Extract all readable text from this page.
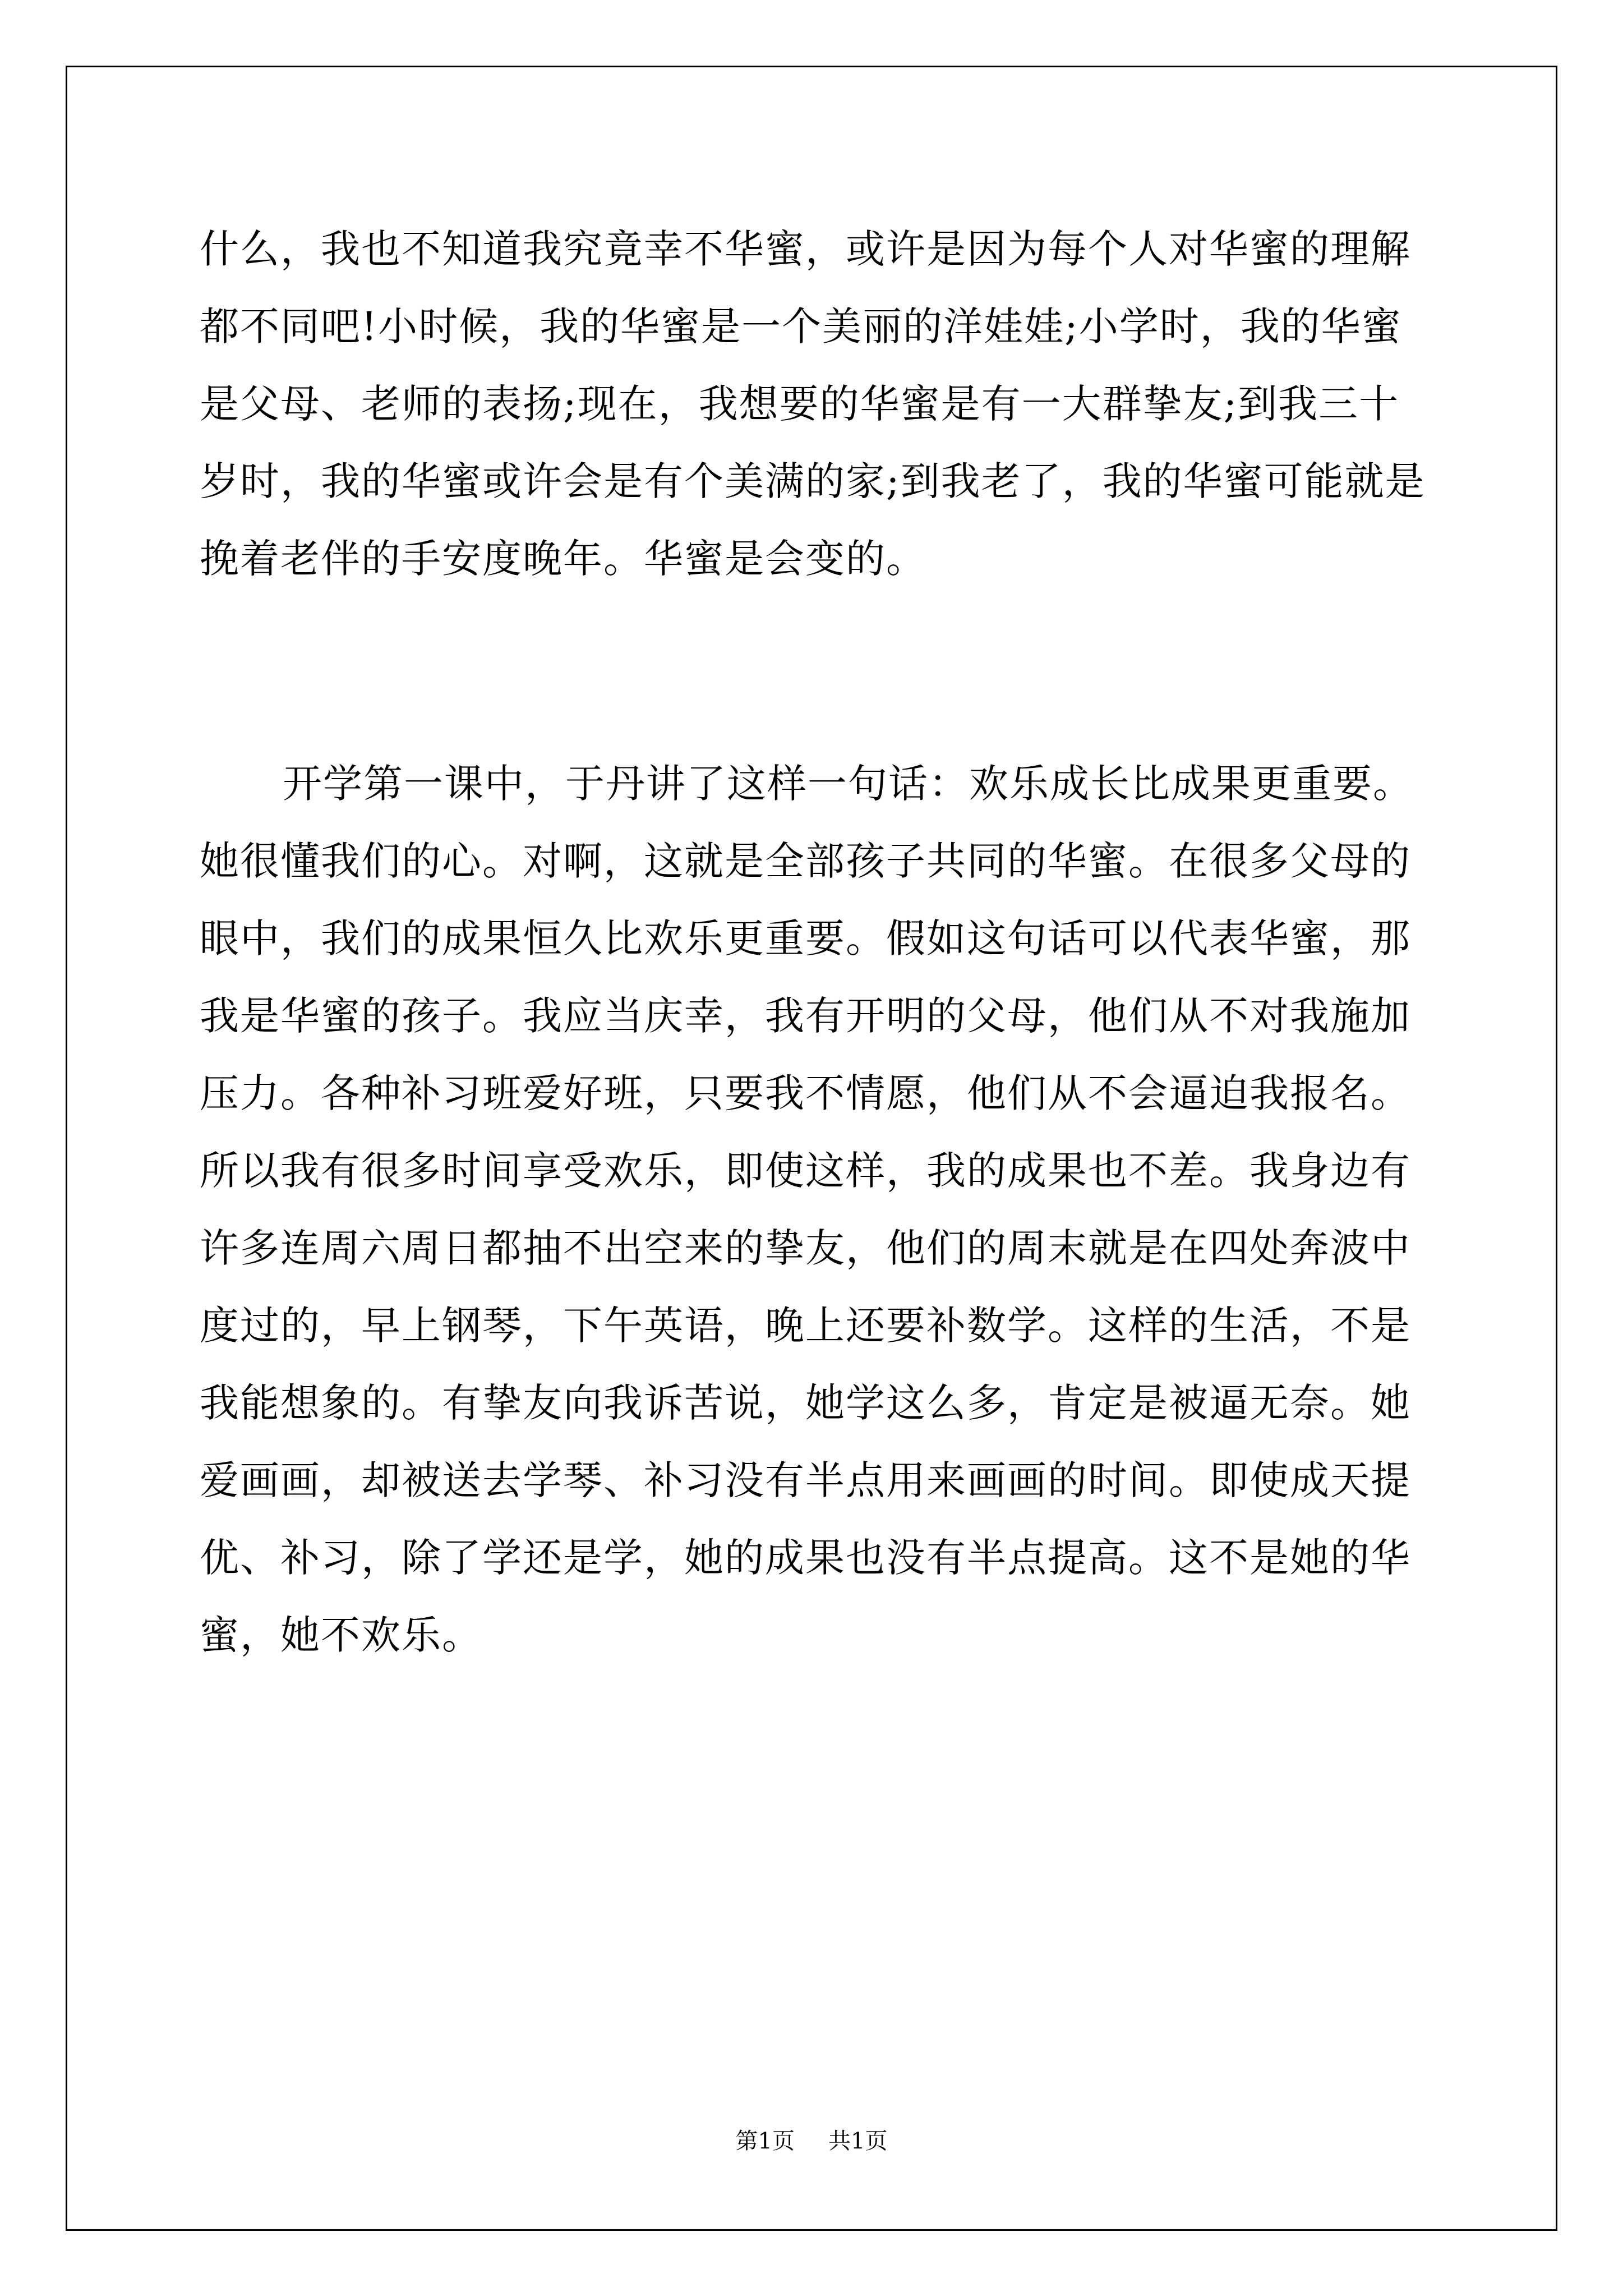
什么，我也不知道我究竟幸不华蜜，或许是因为每个人对华蜜的理解
都不同吧!小时候，我的华蜜是一个美丽的洋娃娃;小学时，我的华蜜
是父母、老师的表扬;现在，我想要的华蜜是有一大群挚友;到我三十
岁时，我的华蜜或许会是有个美满的家;到我老了，我的华蜜可能就是
挽着老伴的手安度晚年。华蜜是会变的。
开学第一课中，于丹讲了这样一句话：欢乐成长比成果更重要。
她很懂我们的心。对啊，这就是全部孩子共同的华蜜。在很多父母的
眼中，我们的成果恒久比欢乐更重要。假如这句话可以代表华蜜，那
我是华蜜的孩子。我应当庆幸，我有开明的父母，他们从不对我施加
压力。各种补习班爱好班，只要我不情愿，他们从不会逼迫我报名。
所以我有很多时间享受欢乐，即使这样，我的成果也不差。我身边有
许多连周六周日都抽不出空来的挚友，他们的周末就是在四处奔波中
度过的，早上钢琴，下午英语，晚上还要补数学。这样的生活，不是
我能想象的。有挚友向我诉苦说，她学这么多，肯定是被逼无奈。她
爱画画，却被送去学琴、补习没有半点用来画画的时间。即使成天提
优、补习，除了学还是学，她的成果也没有半点提高。这不是她的华
蜜，她不欢乐。
第1页 共1页
